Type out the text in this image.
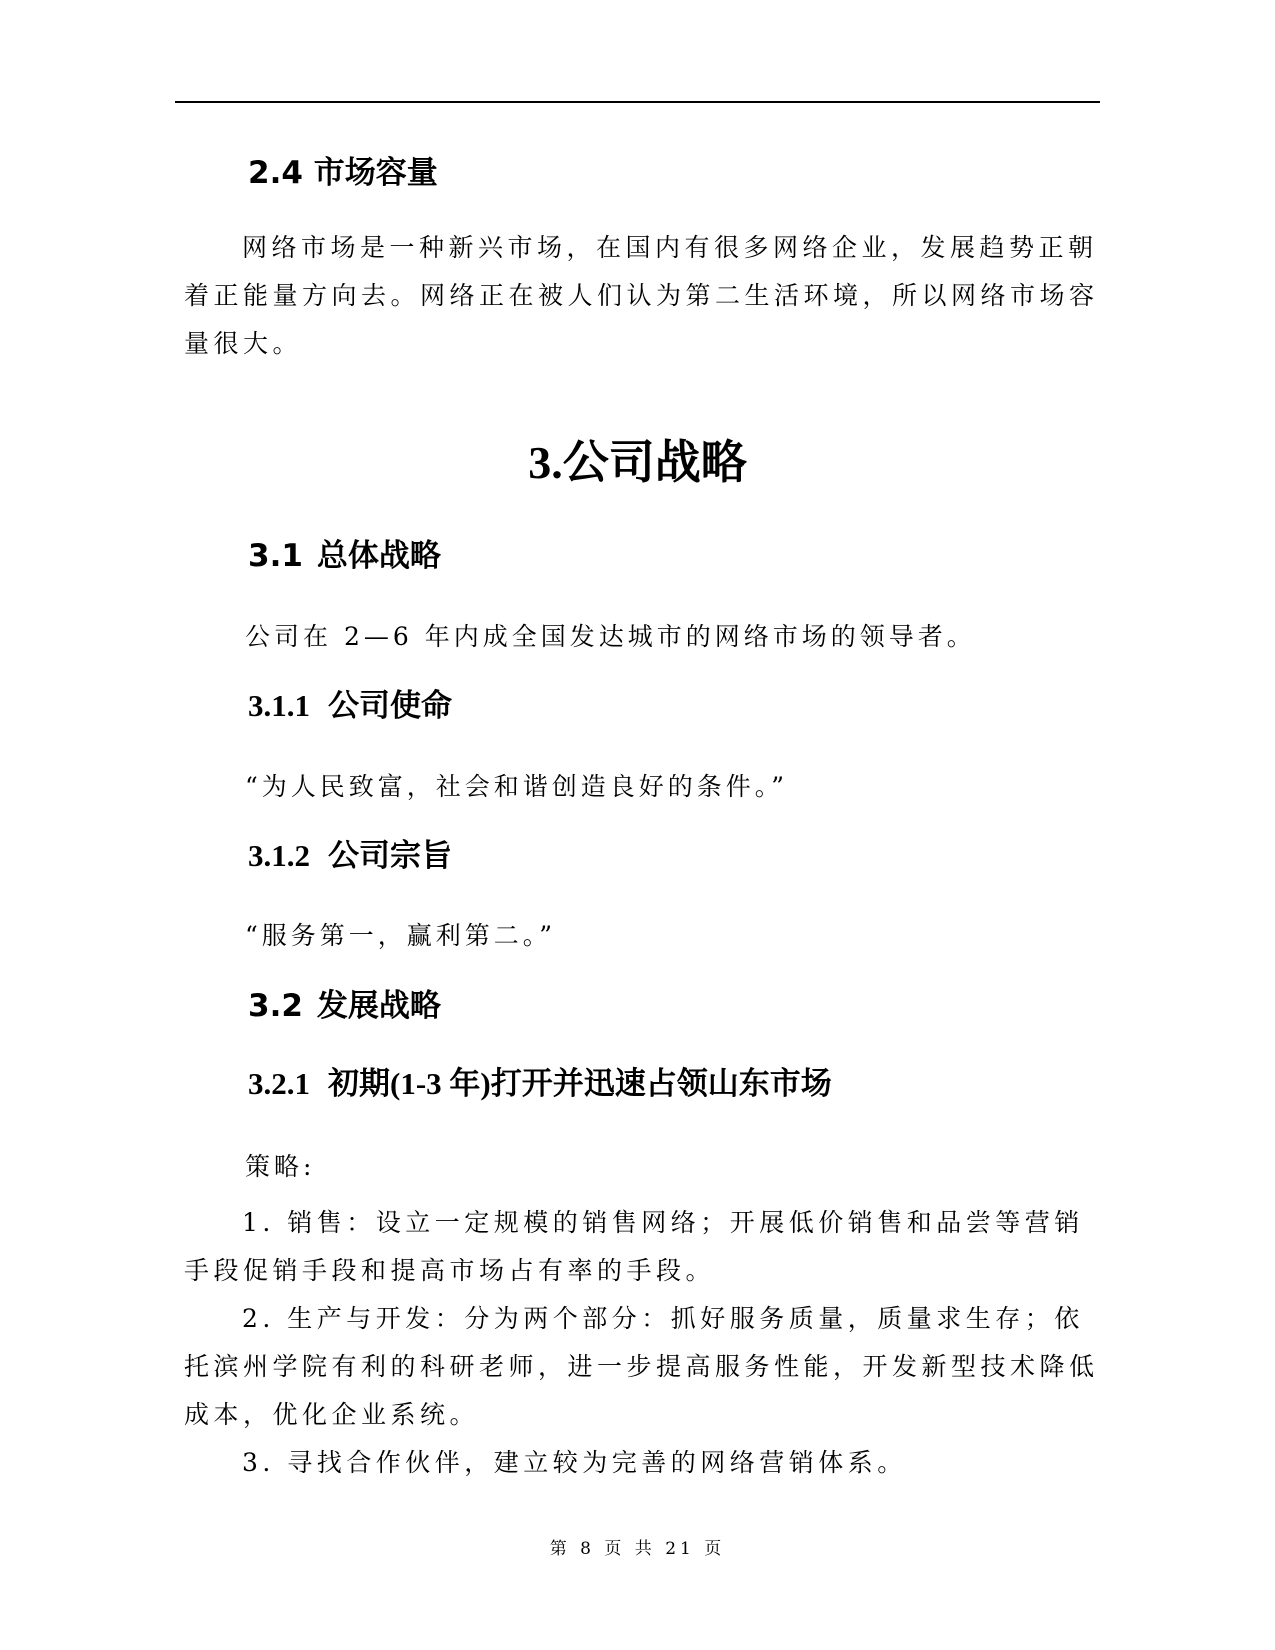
2.4 市场容量

网络市场是一种新兴市场，在国内有很多网络企业，发展趋势正朝着正能量方向去。网络正在被人们认为第二生活环境，所以网络市场容量很大。

3.公司战略
3.1 总体战略
公司在 2—6 年内成全国发达城市的网络市场的领导者。
3.1.1 公司使命
“为人民致富，社会和谐创造良好的条件。”
3.1.2 公司宗旨
“服务第一，赢利第二。”
3.2 发展战略
3.2.1 初期(1-3 年)打开并迅速占领山东市场
策略:

1. 销售：设立一定规模的销售网络；开展低价销售和品尝等营销手段促销手段和提高市场占有率的手段。

2. 生产与开发：分为两个部分：抓好服务质量，质量求生存；依托滨州学院有利的科研老师，进一步提高服务性能，开发新型技术降低成本，优化企业系统。

3. 寻找合作伙伴，建立较为完善的网络营销体系。

第 8 页 共 21 页
